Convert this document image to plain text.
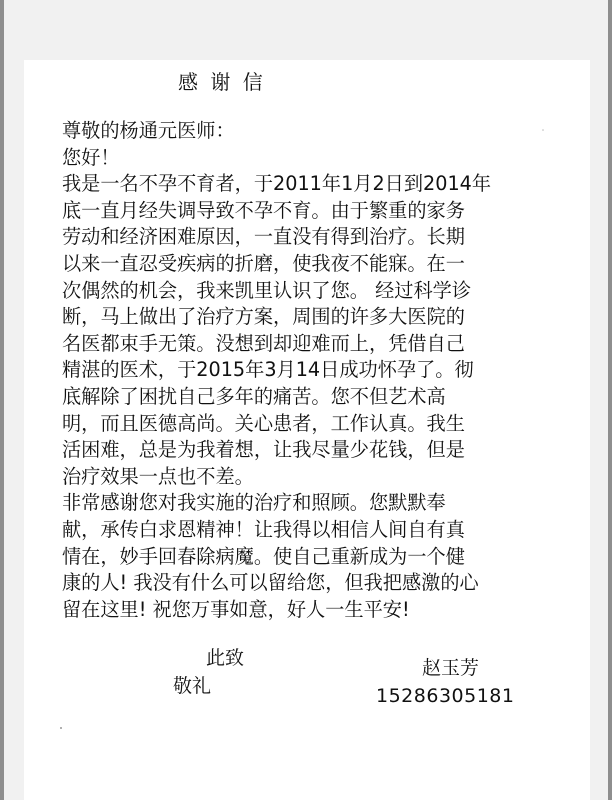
感 谢 信
尊敬的杨通元医师：
您好！
我是一名不孕不育者，于2011年1月2日到2014年
底一直月经失调导致不孕不育。由于繁重的家务
劳动和经济困难原因，一直没有得到治疗。长期
以来一直忍受疾病的折磨，使我夜不能寐。在一
次偶然的机会，我来凯里认识了您。 经过科学诊
断，马上做出了治疗方案，周围的许多大医院的
名医都束手无策。没想到却迎难而上，凭借自己
精湛的医术，于2015年3月14日成功怀孕了。彻
底解除了困扰自己多年的痛苦。您不但艺术高
明，而且医德高尚。关心患者，工作认真。我生
活困难，总是为我着想，让我尽量少花钱，但是
治疗效果一点也不差。
非常感谢您对我实施的治疗和照顾。您默默奉
献，承传白求恩精神！让我得以相信人间自有真
情在，妙手回春除病魔。使自己重新成为一个健
康的人! 我没有什么可以留给您，但我把感激的心
留在这里! 祝您万事如意，好人一生平安!
此致
敬礼
赵玉芳
15286305181
